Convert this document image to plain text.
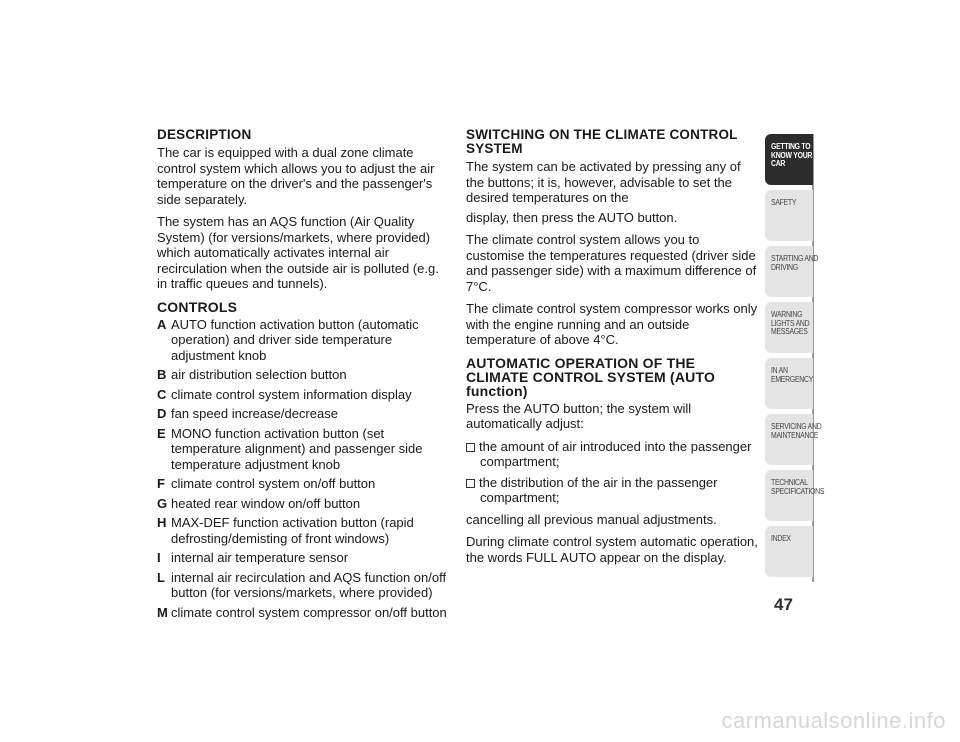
DESCRIPTION

The car is equipped with a dual zone climate control system which allows you to adjust the air temperature on the driver's and the passenger's side separately.

The system has an AQS function (Air Quality System) (for versions/markets, where provided) which automatically activates internal air recirculation when the outside air is polluted (e.g. in traffic queues and tunnels).

CONTROLS
A AUTO function activation button (automatic operation) and driver side temperature adjustment knob
B air distribution selection button
C climate control system information display
D fan speed increase/decrease
E MONO function activation button (set temperature alignment) and passenger side temperature adjustment knob
F climate control system on/off button
G heated rear window on/off button
H MAX-DEF function activation button (rapid defrosting/demisting of front windows)
I internal air temperature sensor
L internal air recirculation and AQS function on/off button (for versions/markets, where provided)
M climate control system compressor on/off button
SWITCHING ON THE CLIMATE CONTROL SYSTEM

The system can be activated by pressing any of the buttons; it is, however, advisable to set the desired temperatures on the

display, then press the AUTO button.

The climate control system allows you to customise the temperatures requested (driver side and passenger side) with a maximum difference of 7°C.

The climate control system compressor works only with the engine running and an outside temperature of above 4°C.

AUTOMATIC OPERATION OF THE CLIMATE CONTROL SYSTEM (AUTO function)

Press the AUTO button; the system will automatically adjust:

the amount of air introduced into the passenger compartment;
the distribution of the air in the passenger compartment;

cancelling all previous manual adjustments.

During climate control system automatic operation, the words FULL AUTO appear on the display.

GETTING TO KNOW YOUR CAR
SAFETY
STARTING AND DRIVING
WARNING LIGHTS AND MESSAGES
IN AN EMERGENCY
SERVICING AND MAINTENANCE
TECHNICAL SPECIFICATIONS
INDEX
47
carmanualsonline.info
